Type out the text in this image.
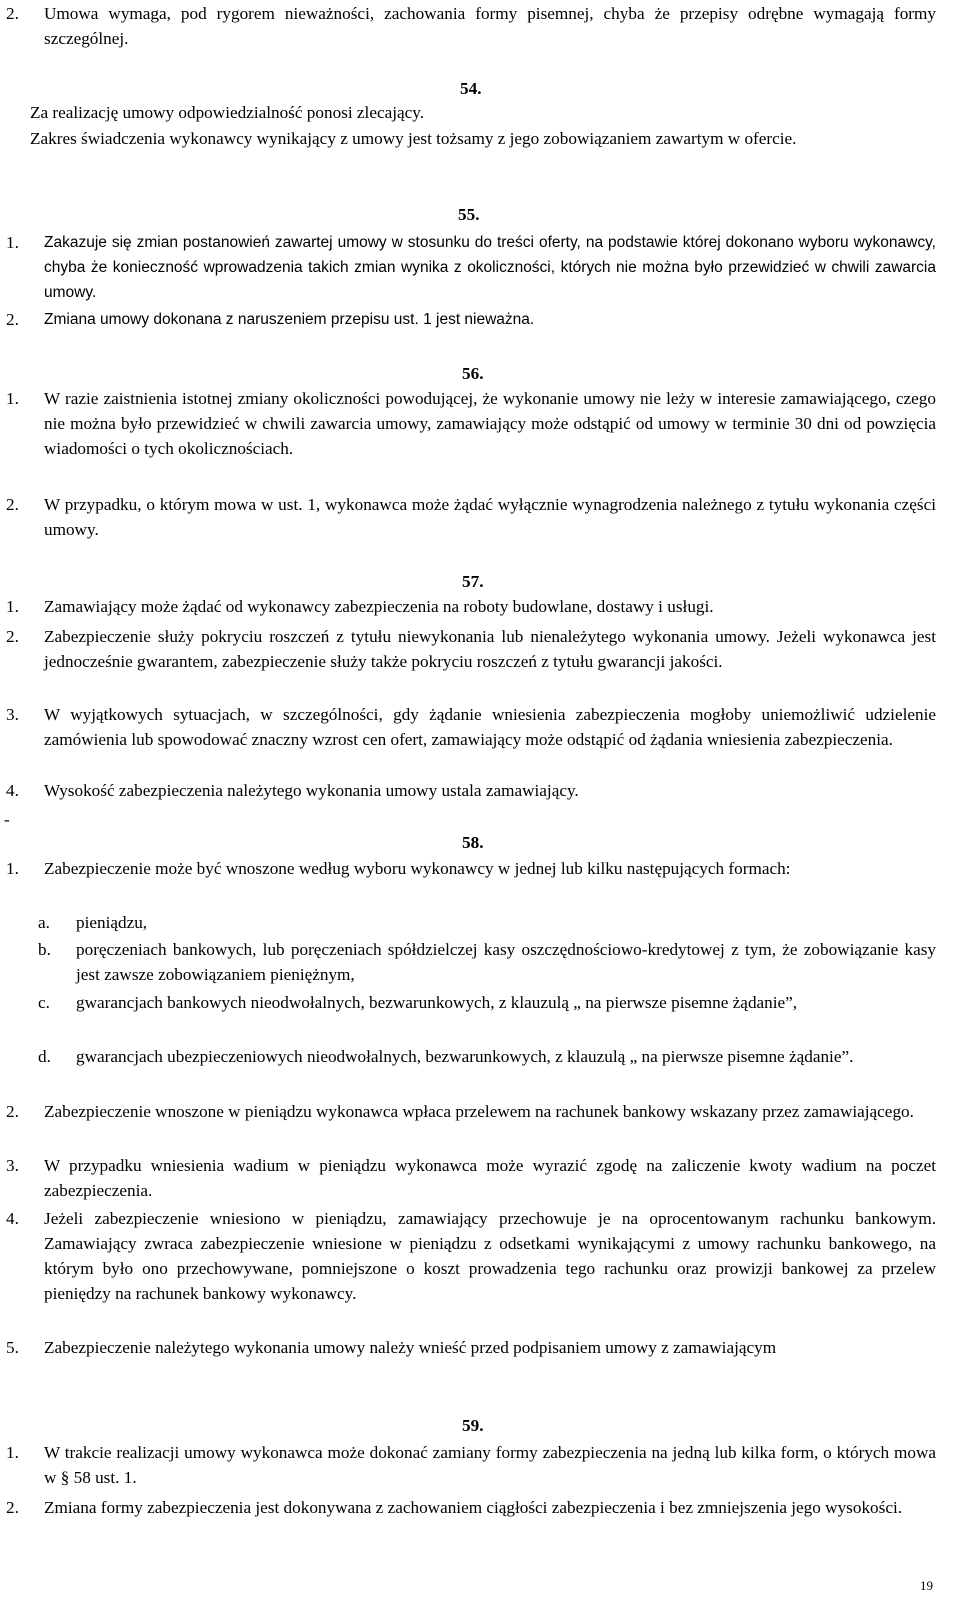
2. Umowa wymaga, pod rygorem nieważności, zachowania formy pisemnej, chyba że przepisy odrębne wymagają formy szczególnej.
54.
Za realizację umowy odpowiedzialność ponosi zlecający.
Zakres świadczenia wykonawcy wynikający z umowy jest tożsamy z jego zobowiązaniem zawartym w ofercie.
55.
1. Zakazuje się zmian postanowień zawartej umowy w stosunku do treści oferty, na podstawie której dokonano wyboru wykonawcy, chyba że konieczność wprowadzenia takich zmian wynika z okoliczności, których nie można było przewidzieć w chwili zawarcia umowy.
2. Zmiana umowy dokonana z naruszeniem przepisu ust. 1 jest nieważna.
56.
1. W razie zaistnienia istotnej zmiany okoliczności powodującej, że wykonanie umowy nie leży w interesie zamawiającego, czego nie można było przewidzieć w chwili zawarcia umowy, zamawiający może odstąpić od umowy w terminie 30 dni od powzięcia wiadomości o tych okolicznościach.
2. W przypadku, o którym mowa w ust. 1, wykonawca może żądać wyłącznie wynagrodzenia należnego z tytułu wykonania części umowy.
57.
1. Zamawiający może żądać od wykonawcy zabezpieczenia na roboty budowlane, dostawy i usługi.
2. Zabezpieczenie służy pokryciu roszczeń z tytułu niewykonania lub nienależytego wykonania umowy. Jeżeli wykonawca jest jednocześnie gwarantem, zabezpieczenie służy także pokryciu roszczeń z tytułu gwarancji jakości.
3. W wyjątkowych sytuacjach, w szczególności, gdy żądanie wniesienia zabezpieczenia mogłoby uniemożliwić udzielenie zamówienia lub spowodować znaczny wzrost cen ofert, zamawiający może odstąpić od żądania wniesienia zabezpieczenia.
4. Wysokość zabezpieczenia należytego wykonania umowy ustala zamawiający.
-
58.
1. Zabezpieczenie może być wnoszone według wyboru wykonawcy w jednej lub kilku następujących formach:
a. pieniądzu,
b. poręczeniach bankowych, lub poręczeniach spółdzielczej kasy oszczędnościowo-kredytowej z tym, że zobowiązanie kasy jest zawsze zobowiązaniem pieniężnym,
c. gwarancjach bankowych nieodwołalnych, bezwarunkowych, z klauzulą „ na pierwsze pisemne żądanie”,
d. gwarancjach ubezpieczeniowych nieodwołalnych, bezwarunkowych, z klauzulą „ na pierwsze pisemne żądanie”.
2. Zabezpieczenie wnoszone w pieniądzu wykonawca wpłaca przelewem na rachunek bankowy wskazany przez zamawiającego.
3. W przypadku wniesienia wadium w pieniądzu wykonawca może wyrazić zgodę na zaliczenie kwoty wadium na poczet zabezpieczenia.
4. Jeżeli zabezpieczenie wniesiono w pieniądzu, zamawiający przechowuje je na oprocentowanym rachunku bankowym. Zamawiający zwraca zabezpieczenie wniesione w pieniądzu z odsetkami wynikającymi z umowy rachunku bankowego, na którym było ono przechowywane, pomniejszone o koszt prowadzenia tego rachunku oraz prowizji bankowej za przelew pieniędzy na rachunek bankowy wykonawcy.
5. Zabezpieczenie należytego wykonania umowy należy wnieść przed podpisaniem umowy z zamawiającym
59.
1. W trakcie realizacji umowy wykonawca może dokonać zamiany formy zabezpieczenia na jedną lub kilka form, o których mowa w § 58 ust. 1.
2. Zmiana formy zabezpieczenia jest dokonywana z zachowaniem ciągłości zabezpieczenia i bez zmniejszenia jego wysokości.
19
